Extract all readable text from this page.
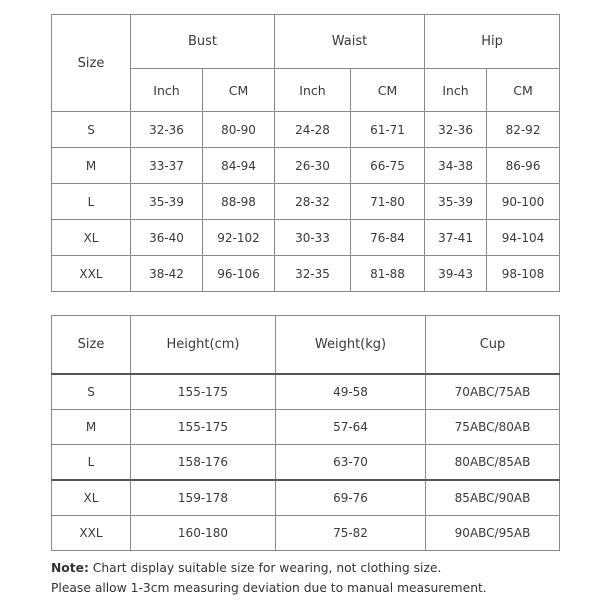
Size	Bust		Waist		Hip	
	Inch	CM	Inch	CM	Inch	CM
S	32-36	80-90	24-28	61-71	32-36	82-92
M	33-37	84-94	26-30	66-75	34-38	86-96
L	35-39	88-98	28-32	71-80	35-39	90-100
XL	36-40	92-102	30-33	76-84	37-41	94-104
XXL	38-42	96-106	32-35	81-88	39-43	98-108
Size	Height(cm)	Weight(kg)	Cup
S	155-175	49-58	70ABC/75AB
M	155-175	57-64	75ABC/80AB
L	158-176	63-70	80ABC/85AB
XL	159-178	69-76	85ABC/90AB
XXL	160-180	75-82	90ABC/95AB
Note: Chart display suitable size for wearing, not clothing size.
Please allow 1-3cm measuring deviation due to manual measurement.
